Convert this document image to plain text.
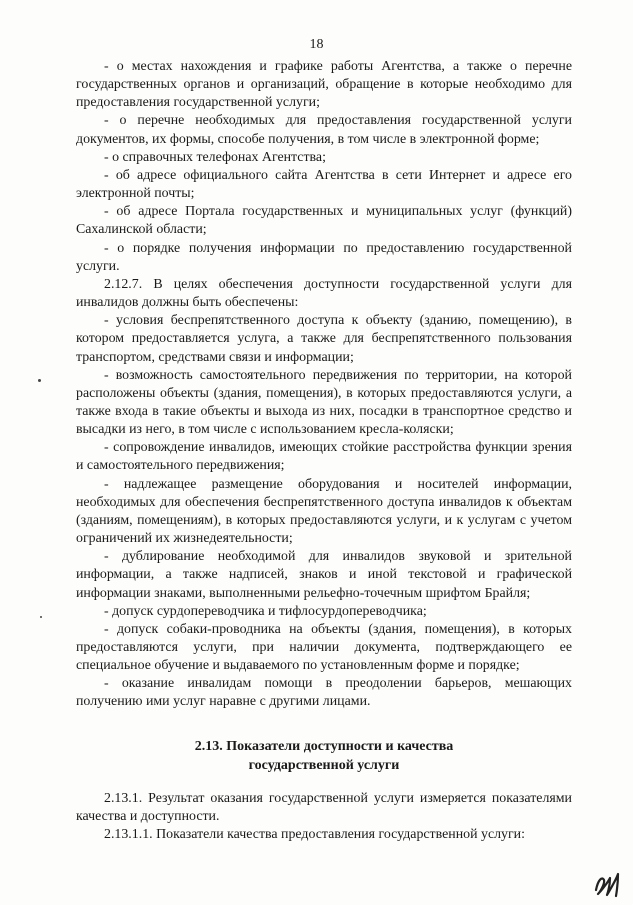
18

- о местах нахождения и графике работы Агентства, а также о перечне государственных органов и организаций, обращение в которые необходимо для предоставления государственной услуги;

- о перечне необходимых для предоставления государственной услуги документов, их формы, способе получения, в том числе в электронной форме;

- о справочных телефонах Агентства;

- об адресе официального сайта Агентства в сети Интернет и адресе его электронной почты;

- об адресе Портала государственных и муниципальных услуг (функций) Сахалинской области;

- о порядке получения информации по предоставлению государственной услуги.

2.12.7. В целях обеспечения доступности государственной услуги для инвалидов должны быть обеспечены:

- условия беспрепятственного доступа к объекту (зданию, помещению), в котором предоставляется услуга, а также для беспрепятственного пользования транспортом, средствами связи и информации;

- возможность самостоятельного передвижения по территории, на которой расположены объекты (здания, помещения), в которых предоставляются услуги, а также входа в такие объекты и выхода из них, посадки в транспортное средство и высадки из него, в том числе с использованием кресла-коляски;

- сопровождение инвалидов, имеющих стойкие расстройства функции зрения и самостоятельного передвижения;

- надлежащее размещение оборудования и носителей информации, необходимых для обеспечения беспрепятственного доступа инвалидов к объектам (зданиям, помещениям), в которых предоставляются услуги, и к услугам с учетом ограничений их жизнедеятельности;

- дублирование необходимой для инвалидов звуковой и зрительной информации, а также надписей, знаков и иной текстовой и графической информации знаками, выполненными рельефно-точечным шрифтом Брайля;

- допуск сурдопереводчика и тифлосурдопереводчика;

- допуск собаки-проводника на объекты (здания, помещения), в которых предоставляются услуги, при наличии документа, подтверждающего ее специальное обучение и выдаваемого по установленным форме и порядке;

- оказание инвалидам помощи в преодолении барьеров, мешающих получению ими услуг наравне с другими лицами.

2.13. Показатели доступности и качества
государственной услуги

2.13.1. Результат оказания государственной услуги измеряется показателями качества и доступности.

2.13.1.1. Показатели качества предоставления государственной услуги:
